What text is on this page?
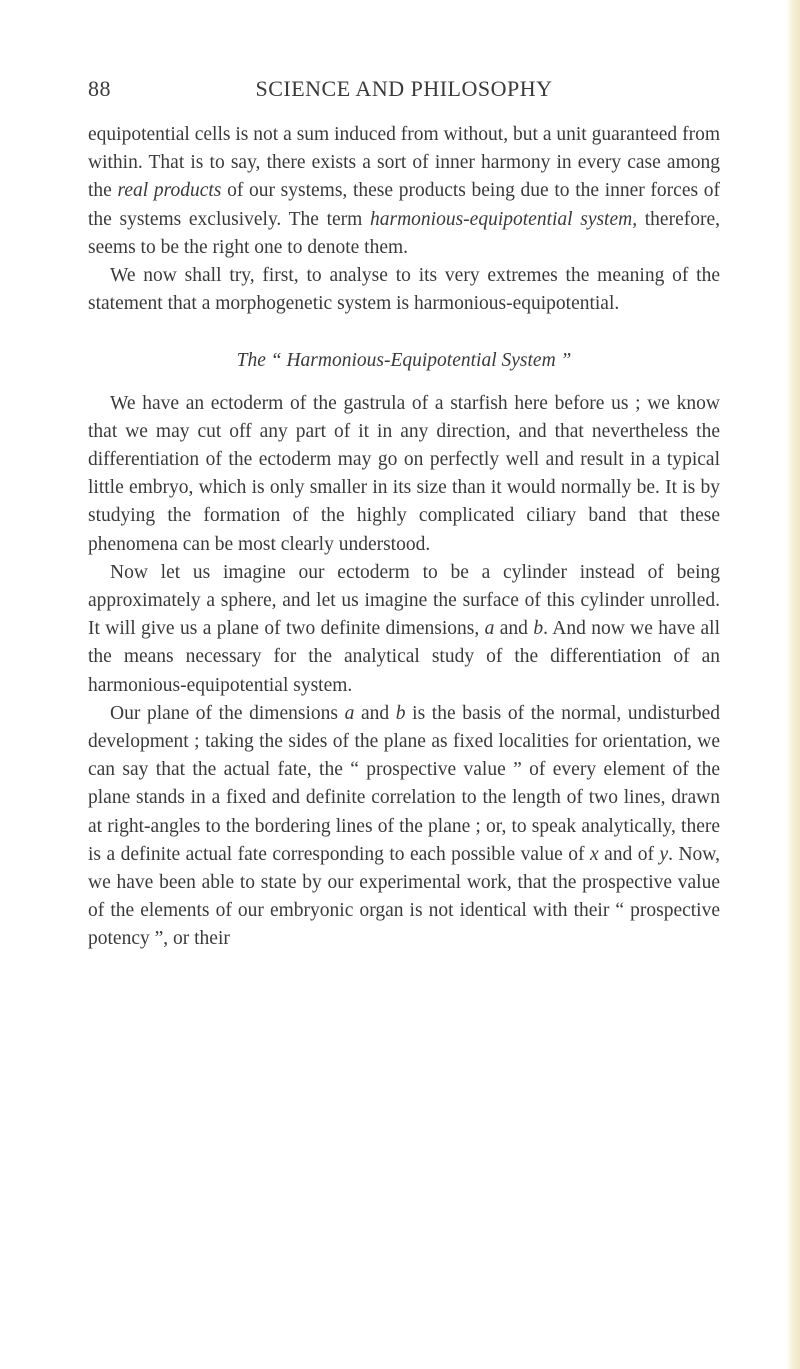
88	SCIENCE AND PHILOSOPHY

equipotential cells is not a sum induced from without, but a unit guaranteed from within. That is to say, there exists a sort of inner harmony in every case among the real products of our systems, these products being due to the inner forces of the systems exclusively. The term harmonious-equipotential system, therefore, seems to be the right one to denote them.

We now shall try, first, to analyse to its very extremes the meaning of the statement that a morphogenetic system is harmonious-equipotential.

The “ Harmonious-Equipotential System ”

We have an ectoderm of the gastrula of a starfish here before us ; we know that we may cut off any part of it in any direction, and that nevertheless the differentiation of the ectoderm may go on perfectly well and result in a typical little embryo, which is only smaller in its size than it would normally be. It is by studying the formation of the highly complicated ciliary band that these phenomena can be most clearly understood.

Now let us imagine our ectoderm to be a cylinder instead of being approximately a sphere, and let us imagine the surface of this cylinder unrolled. It will give us a plane of two definite dimensions, a and b. And now we have all the means necessary for the analytical study of the differentiation of an harmonious-equipotential system.

Our plane of the dimensions a and b is the basis of the normal, undisturbed development ; taking the sides of the plane as fixed localities for orientation, we can say that the actual fate, the “ prospective value ” of every element of the plane stands in a fixed and definite correlation to the length of two lines, drawn at right-angles to the bordering lines of the plane ; or, to speak analytically, there is a definite actual fate corresponding to each possible value of x and of y. Now, we have been able to state by our experimental work, that the prospective value of the elements of our embryonic organ is not identical with their “ prospective potency ”, or their
